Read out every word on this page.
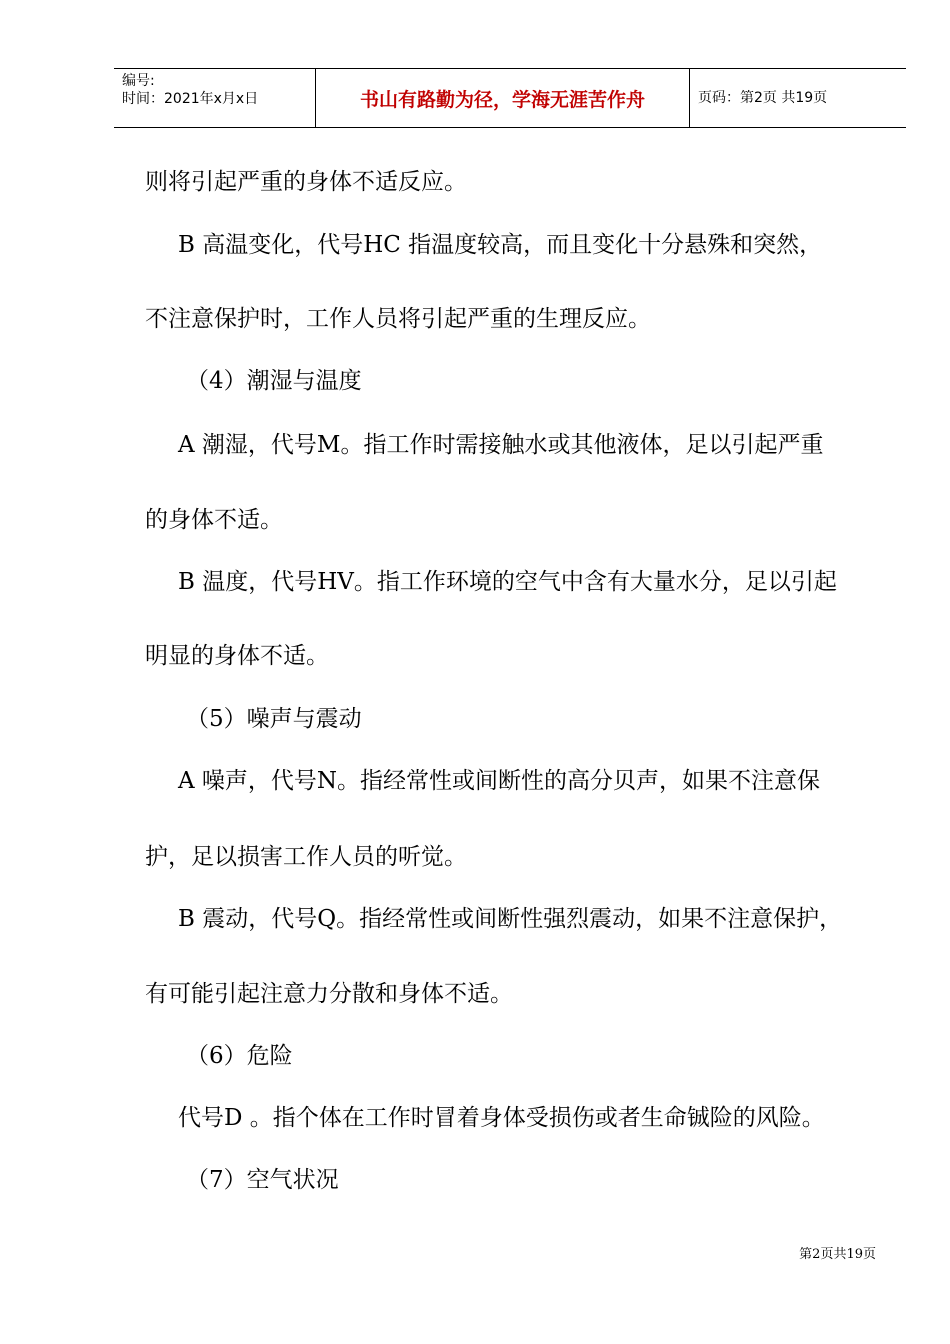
编号:
时间：2021年x月x日	书山有路勤为径，学海无涯苦作舟	页码：第2页 共19页
则将引起严重的身体不适反应。
B 高温变化，代号HC 指温度较高，而且变化十分悬殊和突然，
不注意保护时，工作人员将引起严重的生理反应。
（4）潮湿与温度
A 潮湿，代号M。指工作时需接触水或其他液体，足以引起严重
的身体不适。
B 温度，代号HV。指工作环境的空气中含有大量水分，足以引起
明显的身体不适。
（5）噪声与震动
A 噪声，代号N。指经常性或间断性的高分贝声，如果不注意保
护，足以损害工作人员的听觉。
B 震动，代号Q。指经常性或间断性强烈震动，如果不注意保护，
有可能引起注意力分散和身体不适。
（6）危险
代号D 。指个体在工作时冒着身体受损伤或者生命铖险的风险。
（7）空气状况
第2页共19页
